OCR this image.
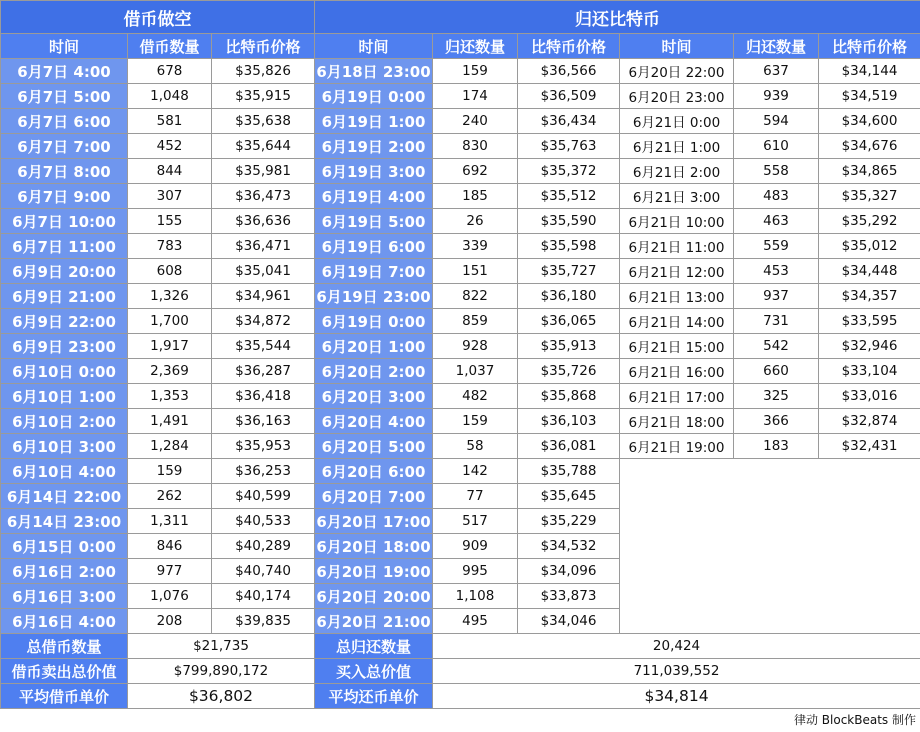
借币做空			归还比特币					
时间	借币数量	比特币价格	时间	归还数量	比特币价格	时间	归还数量	比特币价格
6月7日 4:00	678	$35,826	6月18日 23:00	159	$36,566	6月20日 22:00	637	$34,144
6月7日 5:00	1,048	$35,915	6月19日 0:00	174	$36,509	6月20日 23:00	939	$34,519
6月7日 6:00	581	$35,638	6月19日 1:00	240	$36,434	6月21日 0:00	594	$34,600
6月7日 7:00	452	$35,644	6月19日 2:00	830	$35,763	6月21日 1:00	610	$34,676
6月7日 8:00	844	$35,981	6月19日 3:00	692	$35,372	6月21日 2:00	558	$34,865
6月7日 9:00	307	$36,473	6月19日 4:00	185	$35,512	6月21日 3:00	483	$35,327
6月7日 10:00	155	$36,636	6月19日 5:00	26	$35,590	6月21日 10:00	463	$35,292
6月7日 11:00	783	$36,471	6月19日 6:00	339	$35,598	6月21日 11:00	559	$35,012
6月9日 20:00	608	$35,041	6月19日 7:00	151	$35,727	6月21日 12:00	453	$34,448
6月9日 21:00	1,326	$34,961	6月19日 23:00	822	$36,180	6月21日 13:00	937	$34,357
6月9日 22:00	1,700	$34,872	6月19日 0:00	859	$36,065	6月21日 14:00	731	$33,595
6月9日 23:00	1,917	$35,544	6月20日 1:00	928	$35,913	6月21日 15:00	542	$32,946
6月10日 0:00	2,369	$36,287	6月20日 2:00	1,037	$35,726	6月21日 16:00	660	$33,104
6月10日 1:00	1,353	$36,418	6月20日 3:00	482	$35,868	6月21日 17:00	325	$33,016
6月10日 2:00	1,491	$36,163	6月20日 4:00	159	$36,103	6月21日 18:00	366	$32,874
6月10日 3:00	1,284	$35,953	6月20日 5:00	58	$36,081	6月21日 19:00	183	$32,431
6月10日 4:00	159	$36,253	6月20日 6:00	142	$35,788			
6月14日 22:00	262	$40,599	6月20日 7:00	77	$35,645			
6月14日 23:00	1,311	$40,533	6月20日 17:00	517	$35,229			
6月15日 0:00	846	$40,289	6月20日 18:00	909	$34,532			
6月16日 2:00	977	$40,740	6月20日 19:00	995	$34,096			
6月16日 3:00	1,076	$40,174	6月20日 20:00	1,108	$33,873			
6月16日 4:00	208	$39,835	6月20日 21:00	495	$34,046			
总借币数量	$21,735		总归还数量	20,424				
借币卖出总价值	$799,890,172		买入总价值	711,039,552				
平均借币单价	$36,802		平均还币单价	$34,814				
律动 BlockBeats 制作
